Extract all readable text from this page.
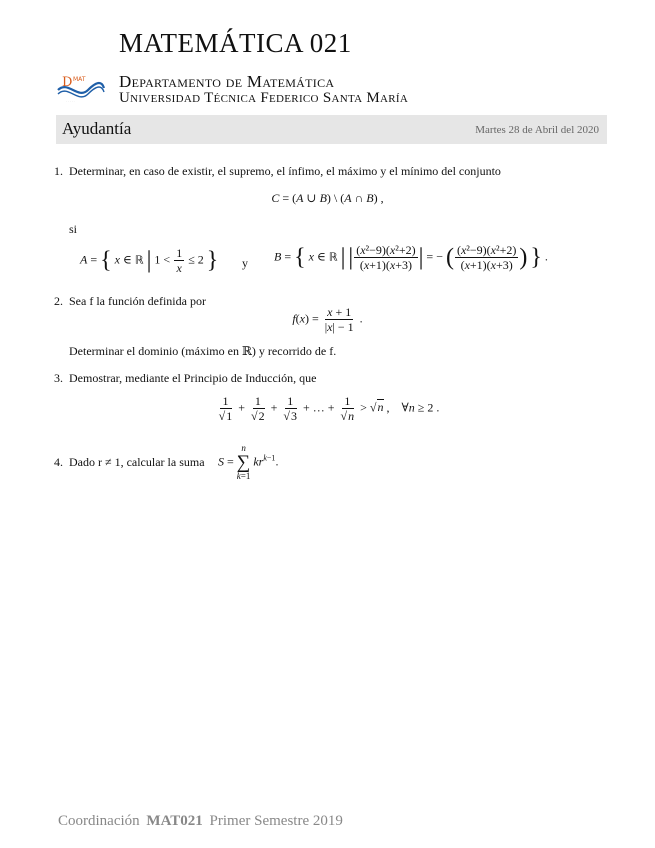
MATEMÁTICA 021
D MAT
· · · · ·
Departamento de Matemática
Universidad Técnica Federico Santa María
Ayudantía	Martes 28 de Abril del 2020
1. Determinar, en caso de existir, el supremo, el ínfimo, el máximo y el mínimo del conjunto
C = (A ∪ B) \ (A ∩ B) ,
si
A = { x ∈ ℝ | $1 < \frac{1}{x} \le 2$ } y B = { x ∈ ℝ | | $\frac{\text{(x²−9)(x²+2)}}{(x+1)(x+3)}$ | = − ( $\frac{\text{(x²−9)(x²+2)}}{(x+1)(x+3)}$ ) } .
2. Sea f la función definida por
$f(x) = \frac{x + 1}{|x| - 1}$ .
Determinar el dominio (máximo en ℝ) y recorrido de f.
3. Demostrar, mediante el Principio de Inducción, que
$\frac{1}{√1} + \frac{1}{√2} + \frac{1}{√3}$ + … + $\frac{1}{√n} > √n$ ,    ∀n ≥ 2 .
4. Dado r ≠ 1, calcular la suma S =
n
∑
k=1
$kr^{k-1}$.
Coordinación MAT021 Primer Semestre 2019
